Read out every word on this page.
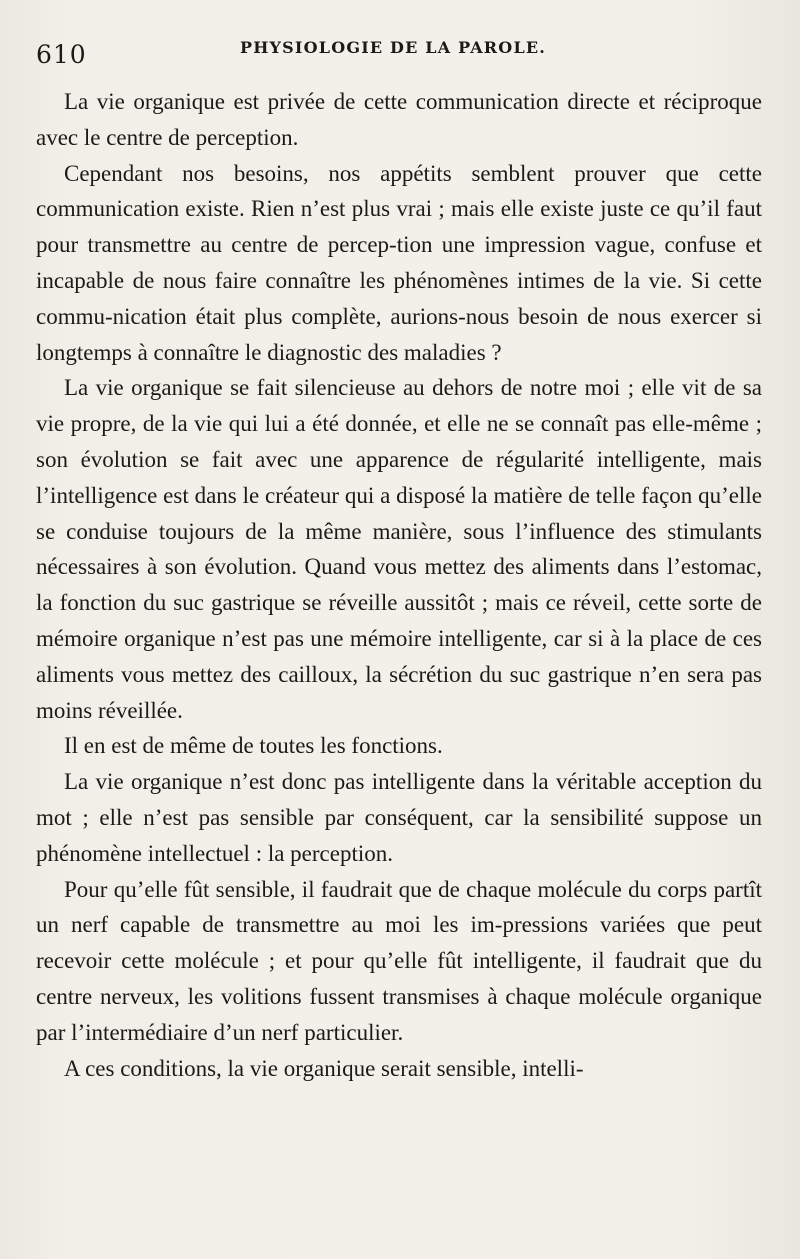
610	PHYSIOLOGIE DE LA PAROLE.

La vie organique est privée de cette communication directe et réciproque avec le centre de perception.

Cependant nos besoins, nos appétits semblent prouver que cette communication existe. Rien n’est plus vrai ; mais elle existe juste ce qu’il faut pour transmettre au centre de percep-tion une impression vague, confuse et incapable de nous faire connaître les phénomènes intimes de la vie. Si cette commu-nication était plus complète, aurions-nous besoin de nous exercer si longtemps à connaître le diagnostic des maladies ?

La vie organique se fait silencieuse au dehors de notre moi ; elle vit de sa vie propre, de la vie qui lui a été donnée, et elle ne se connaît pas elle-même ; son évolution se fait avec une apparence de régularité intelligente, mais l’intelligence est dans le créateur qui a disposé la matière de telle façon qu’elle se conduise toujours de la même manière, sous l’influence des stimulants nécessaires à son évolution. Quand vous mettez des aliments dans l’estomac, la fonction du suc gastrique se réveille aussitôt ; mais ce réveil, cette sorte de mémoire organique n’est pas une mémoire intelligente, car si à la place de ces aliments vous mettez des cailloux, la sécrétion du suc gastrique n’en sera pas moins réveillée.

Il en est de même de toutes les fonctions.

La vie organique n’est donc pas intelligente dans la véritable acception du mot ; elle n’est pas sensible par conséquent, car la sensibilité suppose un phénomène intellectuel : la perception.

Pour qu’elle fût sensible, il faudrait que de chaque molécule du corps partît un nerf capable de transmettre au moi les im-pressions variées que peut recevoir cette molécule ; et pour qu’elle fût intelligente, il faudrait que du centre nerveux, les volitions fussent transmises à chaque molécule organique par l’intermédiaire d’un nerf particulier.

A ces conditions, la vie organique serait sensible, intelli-
